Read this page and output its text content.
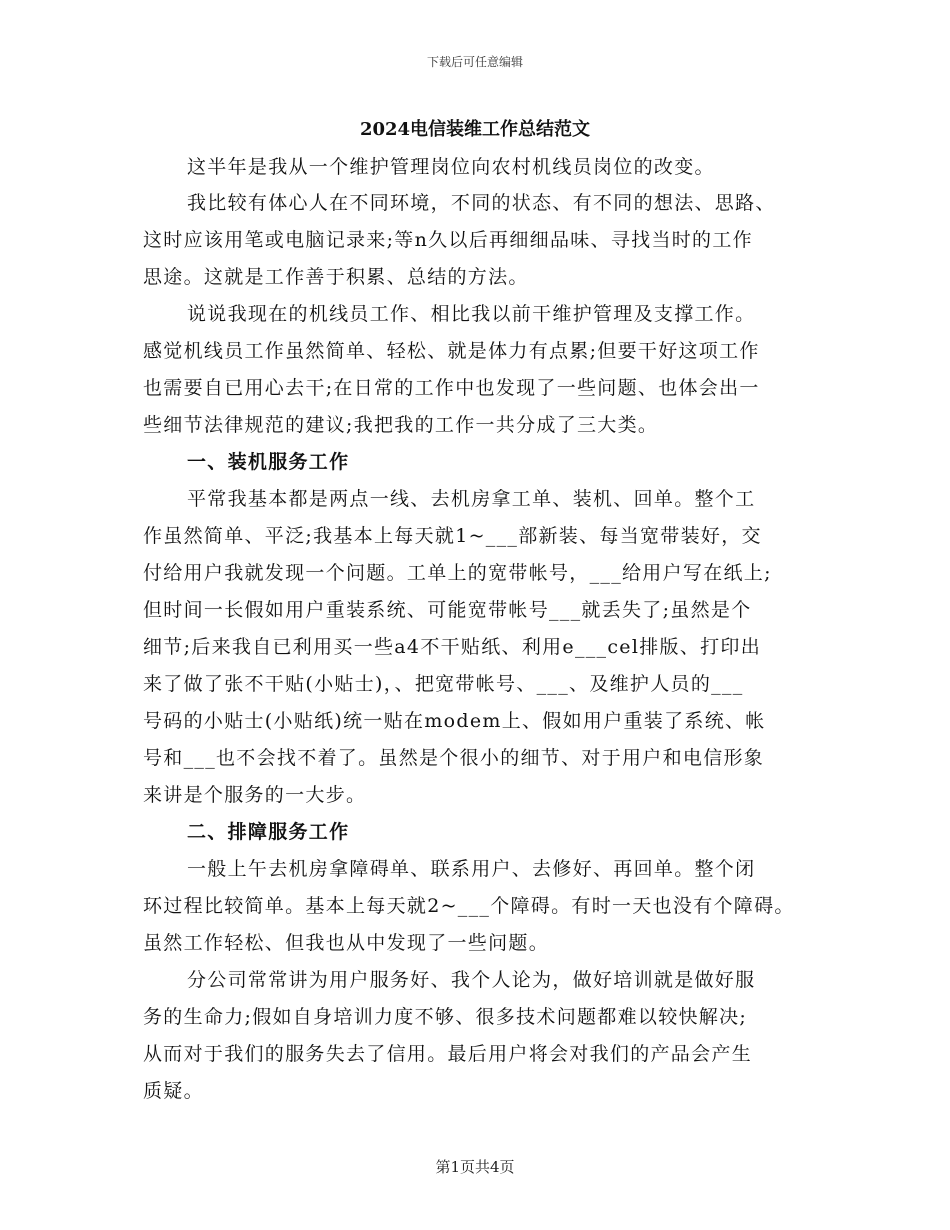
下载后可任意编辑
2024电信装维工作总结范文
这半年是我从一个维护管理岗位向农村机线员岗位的改变。
我比较有体心人在不同环境，不同的状态、有不同的想法、思路、
这时应该用笔或电脑记录来;等n久以后再细细品味、寻找当时的工作
思途。这就是工作善于积累、总结的方法。
说说我现在的机线员工作、相比我以前干维护管理及支撑工作。
感觉机线员工作虽然简单、轻松、就是体力有点累;但要干好这项工作
也需要自已用心去干;在日常的工作中也发现了一些问题、也体会出一
些细节法律规范的建议;我把我的工作一共分成了三大类。
一、装机服务工作
平常我基本都是两点一线、去机房拿工单、装机、回单。整个工
作虽然简单、平泛;我基本上每天就1~___部新装、每当宽带装好，交
付给用户我就发现一个问题。工单上的宽带帐号，___给用户写在纸上;
但时间一长假如用户重装系统、可能宽带帐号___就丢失了;虽然是个
细节;后来我自已利用买一些a4不干贴纸、利用e___cel排版、打印出
来了做了张不干贴(小贴士)，、把宽带帐号、___、及维护人员的___
号码的小贴士(小贴纸)统一贴在modem上、假如用户重装了系统、帐
号和___也不会找不着了。虽然是个很小的细节、对于用户和电信形象
来讲是个服务的一大步。
二、排障服务工作
一般上午去机房拿障碍单、联系用户、去修好、再回单。整个闭
环过程比较简单。基本上每天就2~___个障碍。有时一天也没有个障碍。
虽然工作轻松、但我也从中发现了一些问题。
分公司常常讲为用户服务好、我个人论为，做好培训就是做好服
务的生命力;假如自身培训力度不够、很多技术问题都难以较快解决;
从而对于我们的服务失去了信用。最后用户将会对我们的产品会产生
质疑。
第1页共4页
